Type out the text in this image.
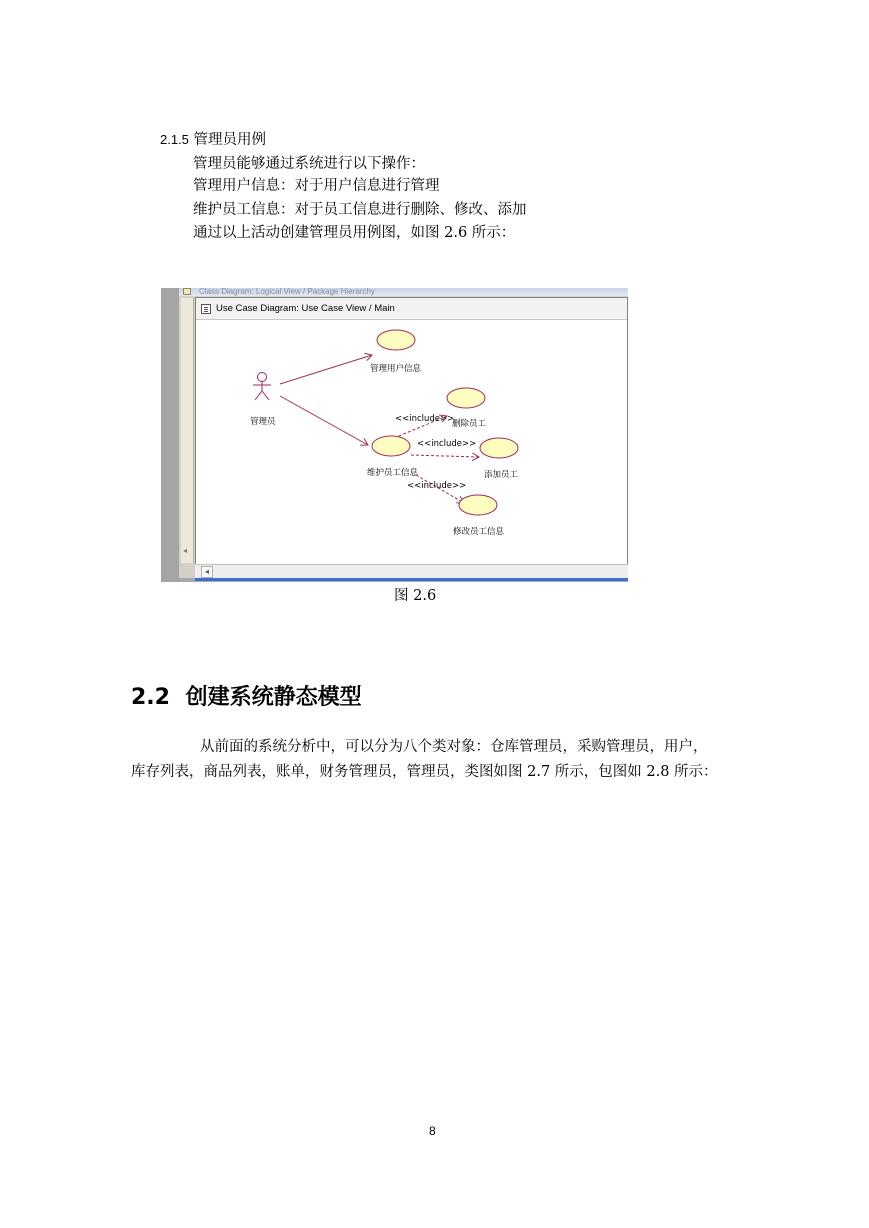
2.1.5 管理员用例
管理员能够通过系统进行以下操作：
管理用户信息：对于用户信息进行管理
维护员工信息：对于员工信息进行删除、修改、添加
通过以上活动创建管理员用例图，如图 2.6 所示：
Class Diagram: Logical View / Package Hierarchy
◂
Use Case Diagram: Use Case View / Main
管理员
管理用户信息
删除员工
维护员工信息	添加员工
修改员工信息
<<include>>
<<include>>
<<include>>
◂
图 2.6
2.2 创建系统静态模型
从前面的系统分析中，可以分为八个类对象：仓库管理员，采购管理员，用户，
库存列表，商品列表，账单，财务管理员，管理员，类图如图 2.7 所示，包图如 2.8 所示：
8
